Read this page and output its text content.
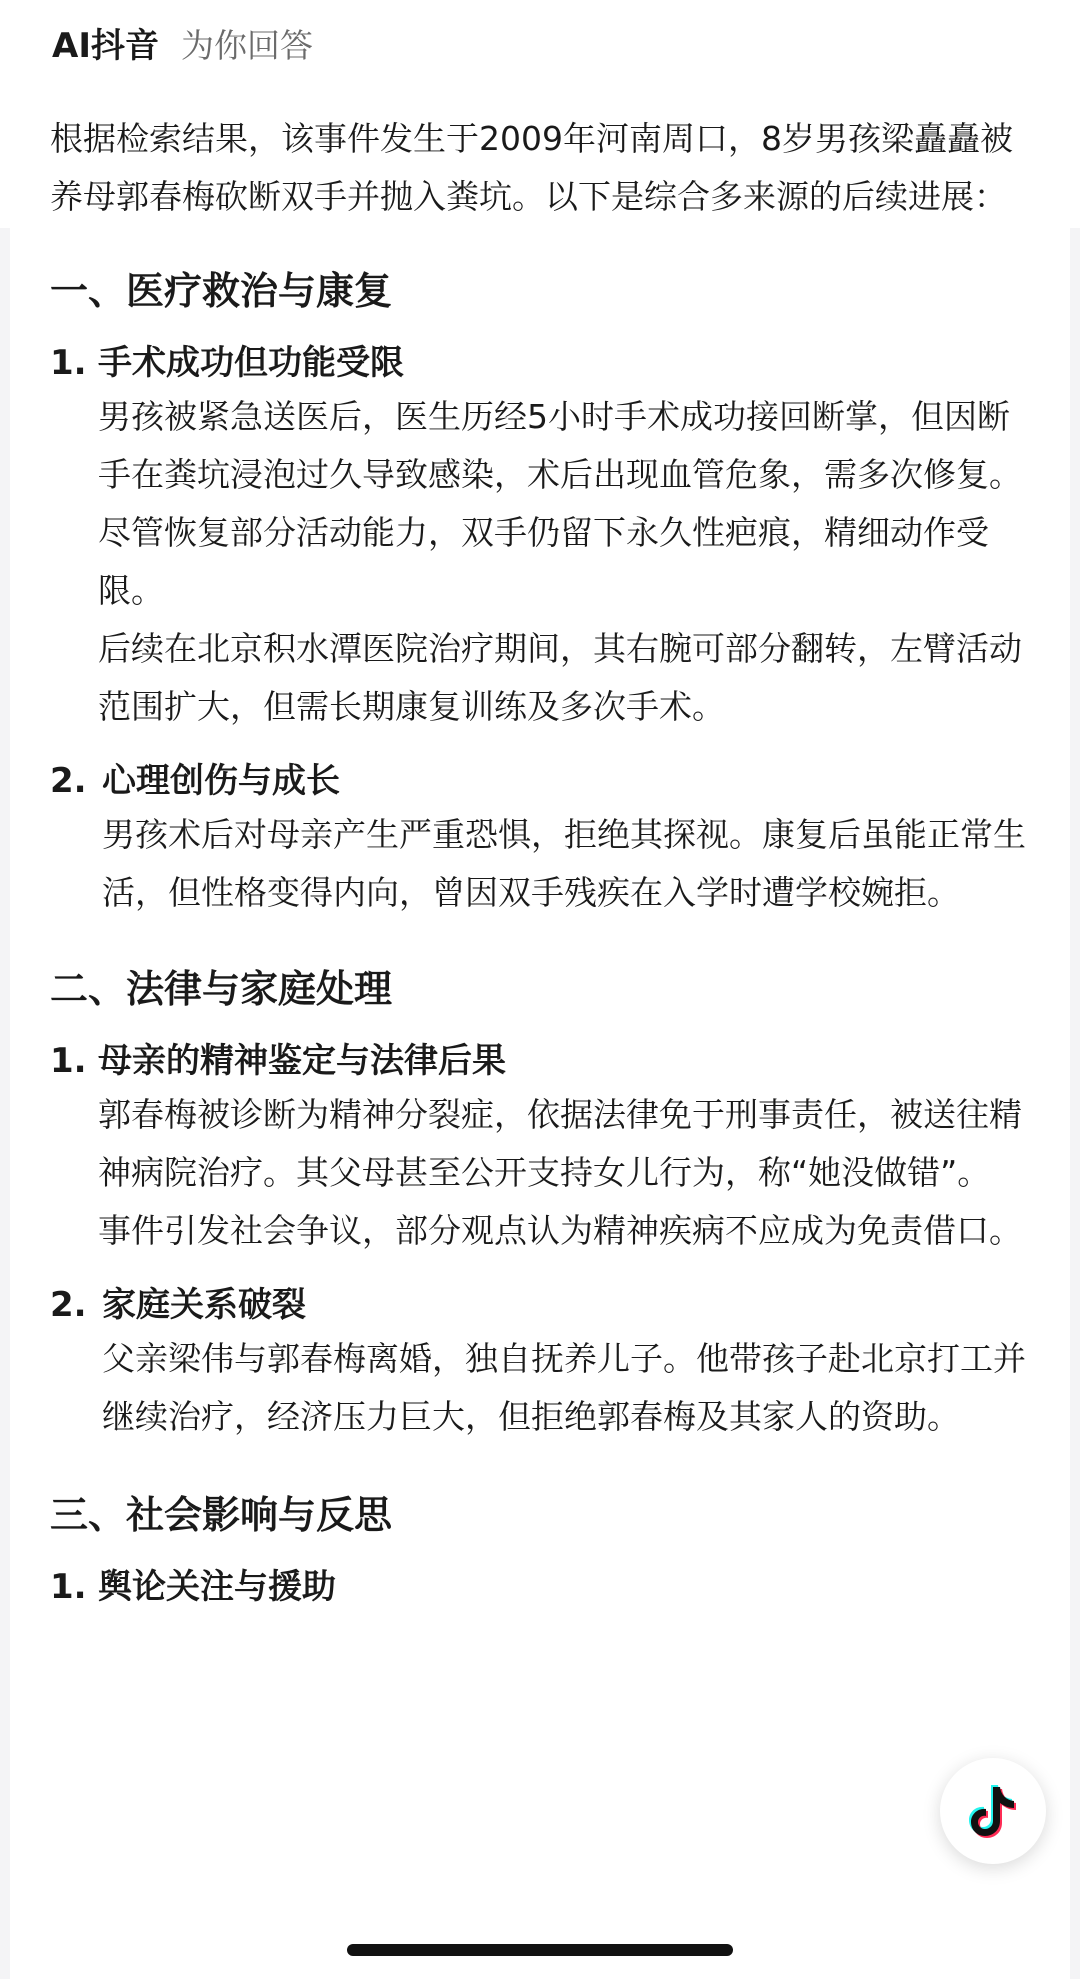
AI抖音 为你回答

根据检索结果，该事件发生于2009年河南周口，8岁男孩梁矗矗被养母郭春梅砍断双手并抛入粪坑。以下是综合多来源的后续进展：

一、医疗救治与康复
1. 手术成功但功能受限

男孩被紧急送医后，医生历经5小时手术成功接回断掌，但因断手在粪坑浸泡过久导致感染，术后出现血管危象，需多次修复。尽管恢复部分活动能力，双手仍留下永久性疤痕，精细动作受限。

后续在北京积水潭医院治疗期间，其右腕可部分翻转，左臂活动范围扩大，但需长期康复训练及多次手术。

2. 心理创伤与成长

男孩术后对母亲产生严重恐惧，拒绝其探视。康复后虽能正常生活，但性格变得内向，曾因双手残疾在入学时遭学校婉拒。

二、法律与家庭处理
1. 母亲的精神鉴定与法律后果

郭春梅被诊断为精神分裂症，依据法律免于刑事责任，被送往精神病院治疗。其父母甚至公开支持女儿行为，称“她没做错”。

事件引发社会争议，部分观点认为精神疾病不应成为免责借口。

2. 家庭关系破裂

父亲梁伟与郭春梅离婚，独自抚养儿子。他带孩子赴北京打工并继续治疗，经济压力巨大，但拒绝郭春梅及其家人的资助。

三、社会影响与反思
1. 舆论关注与援助
